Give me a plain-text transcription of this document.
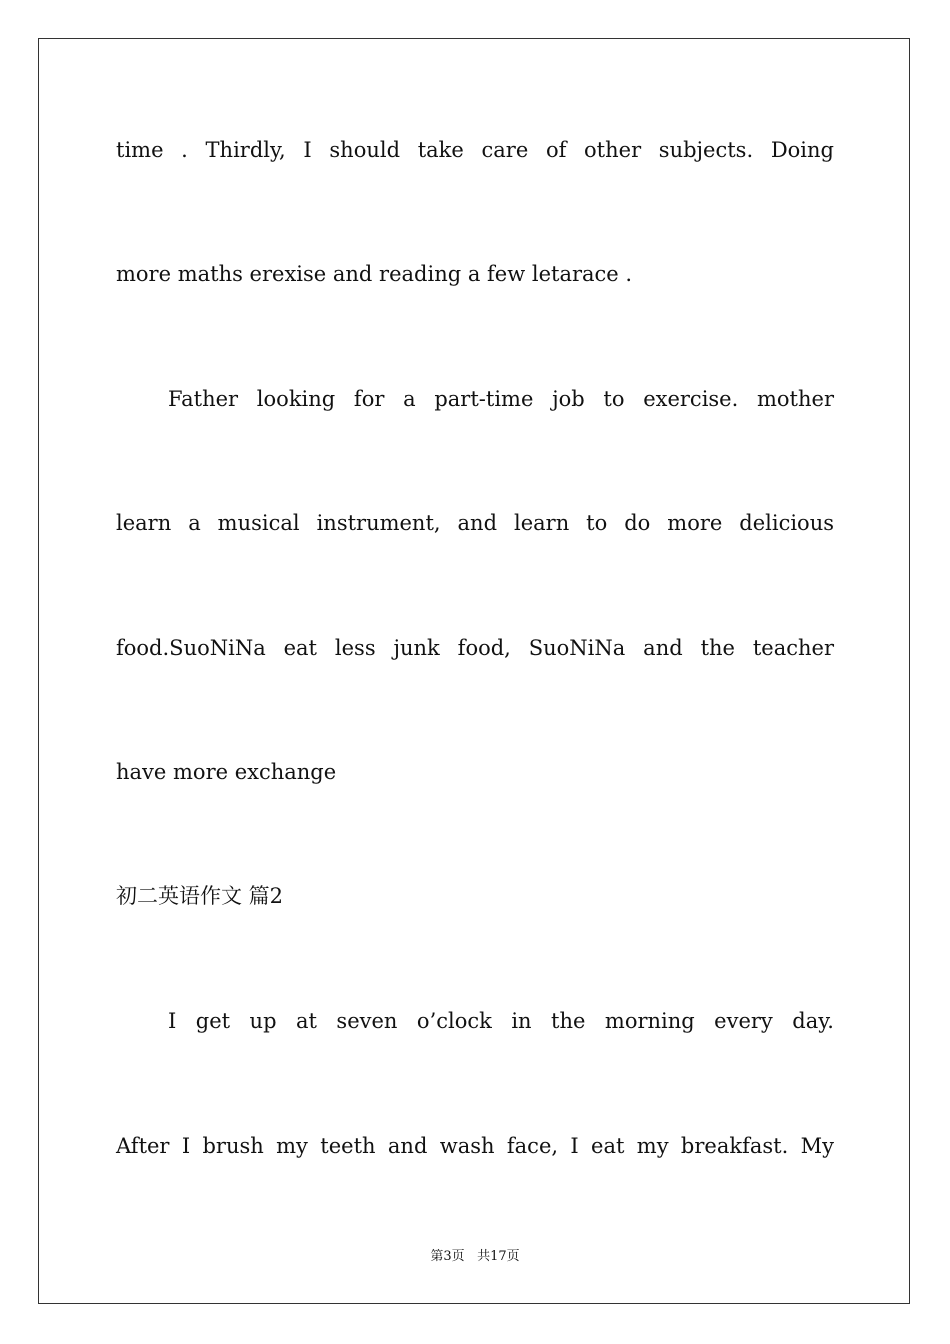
time . Thirdly, I should take care of other subjects. Doing
more maths erexise and reading a few letarace .
Father looking for a part-time job to exercise. mother
learn a musical instrument, and learn to do more delicious
food.SuoNiNa eat less junk food, SuoNiNa and the teacher
have more exchange
初二英语作文 篇2
I get up at seven o’clock in the morning every day.
After I brush my teeth and wash face, I eat my breakfast. My
第3页 共17页
